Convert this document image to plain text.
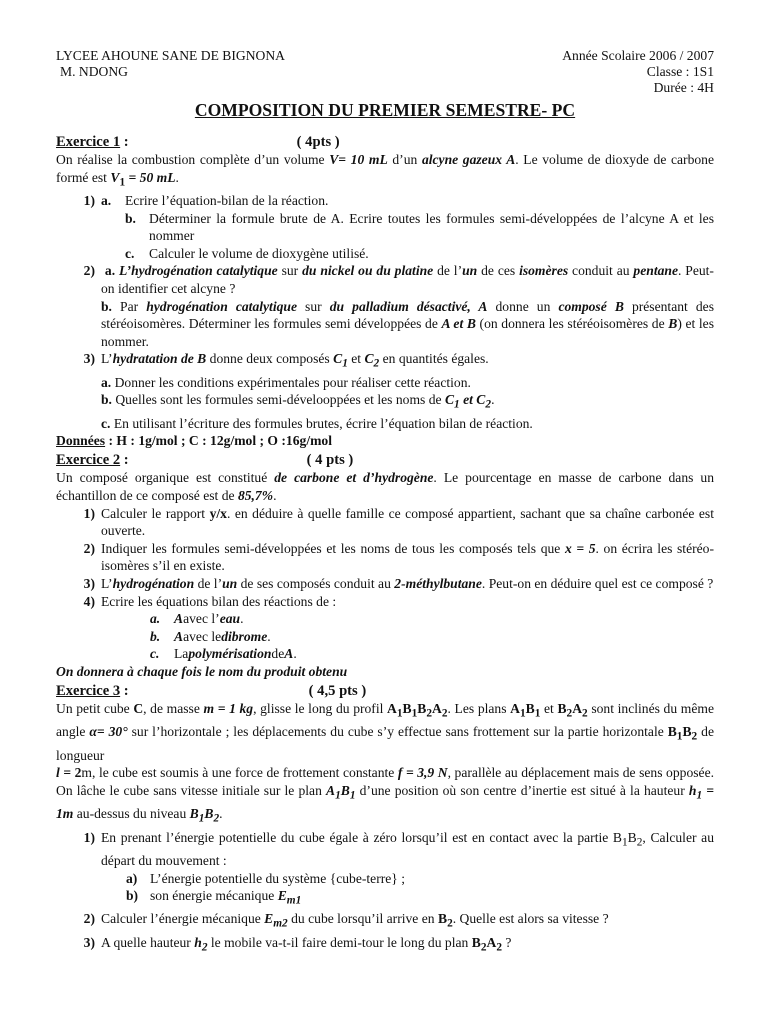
LYCEE AHOUNE SANE DE BIGNONA
M. NDONG
Année Scolaire 2006 / 2007
Classe : 1S1
Durée : 4H
COMPOSITION DU PREMIER SEMESTRE- PC
Exercice 1 :	( 4pts )
On réalise la combustion complète d’un volume V= 10 mL d’un alcyne gazeux A. Le volume de dioxyde de carbone formé est $V_1 = 50$ mL.
1) a.	Ecrire l’équation-bilan de la réaction.
b. Déterminer la formule brute de A. Ecrire toutes les formules semi-développées de l’alcyne A et les nommer
c.	Calculer le volume de dioxygène utilisé.
2) a. L’hydrogénation catalytique sur du nickel ou du platine de l’un de ces isomères conduit au pentane. Peut-on identifier cet alcyne ?
b. Par hydrogénation catalytique sur du palladium désactivé, A donne un composé B présentant des stéréoisomères. Déterminer les formules semi développées de A et B (on donnera les stéréoisomères de B) et les nommer.
3) L’hydratation de B donne deux composés $C_1$ et $C_2$ en quantités égales.
a. Donner les conditions expérimentales pour réaliser cette réaction.
b. Quelles sont les formules semi-dévelooppées et les noms de $C_1$ et $C_2$.
c. En utilisant l’écriture des formules brutes, écrire l’équation bilan de réaction.
Données : H : 1g/mol ; C : 12g/mol ; O :16g/mol
Exercice 2 :	( 4 pts )
Un composé organique est constitué de carbone et d’hydrogène. Le pourcentage en masse de carbone dans un échantillon de ce composé est de 85,7%.
1) Calculer le rapport y/x. en déduire à quelle famille ce composé appartient, sachant que sa chaîne carbonée est ouverte.
2) Indiquer les formules semi-développées et les noms de tous les composés tels que x = 5. on écrira les stéréo-isomères s’il en existe.
3) L’hydrogénation de l’un de ses composés conduit au 2-méthylbutane. Peut-on en déduire quel est ce composé ?
4) Ecrire les équations bilan des réactions de :
a.	A avec l’ eau .
b.	A avec le dibrome .
c.	La polymérisation de A .
On donnera à chaque fois le nom du produit obtenu
Exercice 3 :	( 4,5 pts )
Un petit cube C, de masse m = 1 kg, glisse le long du profil $A_1B_1B_2A_2$. Les plans $A_1B_1$ et $B_2A_2$ sont inclinés du même angle α= 30° sur l’horizontale ; les déplacements du cube s’y effectue sans frottement sur la partie horizontale $B_1B_2$ de longueur
l = 2m, le cube est soumis à une force de frottement constante f = 3,9 N, parallèle au déplacement mais de sens opposée. On lâche le cube sans vitesse initiale sur le plan $A_1B_1$ d’une position où son centre d’inertie est situé à la hauteur $h_1 = 1m$ au-dessus du niveau $B_1B_2$.
1) En prenant l’énergie potentielle du cube égale à zéro lorsqu’il est en contact avec la partie $B_1B_2$, Calculer au départ du mouvement :
a) L’énergie potentielle du système {cube-terre} ;
b) son énergie mécanique $E_{m1}$
2) Calculer l’énergie mécanique $E_{m2}$ du cube lorsqu’il arrive en $B_2$. Quelle est alors sa vitesse ?
3) A quelle hauteur $h_2$ le mobile va-t-il faire demi-tour le long du plan $B_2A_2$ ?
